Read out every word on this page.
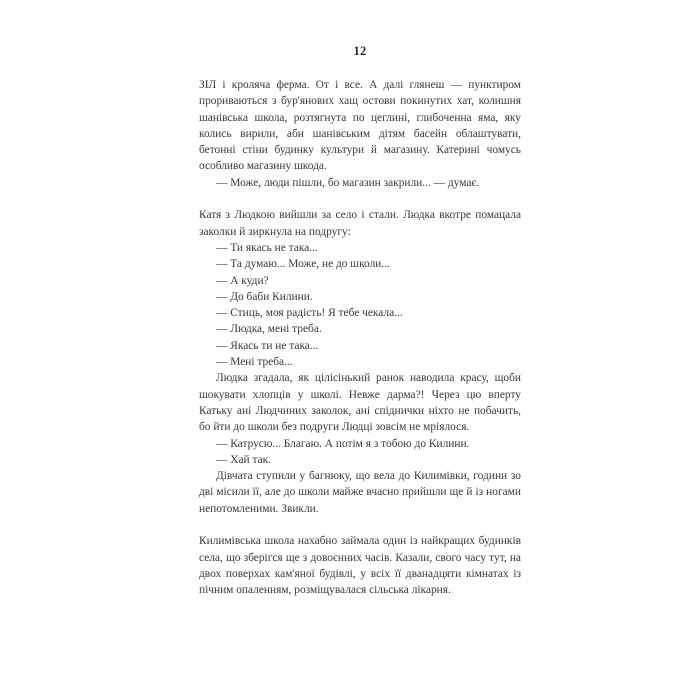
12

ЗІЛ і кроляча ферма. От і все. А далі глянеш — пунктиром прориваються з бур'янових хащ остови покинутих хат, колишня шанівська школа, розтягнута по цеглині, глибоченна яма, яку колись вирили, аби шанівським дітям басейн облаштувати, бетонні стіни будинку культури й магазину. Катерині чомусь особливо магазину шкода.

— Може, люди пішли, бо магазин закрили... — думає.

Катя з Людкою вийшли за село і стали. Людка вкотре помацала заколки й зиркнула на подругу:

— Ти якась не така...

— Та думаю... Може, не до школи...

— А куди?

— До баби Килини.

— Стиць, моя радість! Я тебе чекала...

— Людка, мені треба.

— Якась ти не така...

— Мені треба...

Людка згадала, як цілісінький ранок наводила красу, щоби шокувати хлопців у школі. Невже дарма?! Через цю вперту Катьку ані Людчиних заколок, ані спіднички ніхто не побачить, бо йти до школи без подруги Людці зовсім не мріялося.

— Катрусю... Благаю. А потім я з тобою до Килини.

— Хай так.

Дівчата ступили у багнюку, що вела до Килимівки, години зо дві місили її, але до школи майже вчасно прийшли ще й із ногами непотомленими. Звикли.

Килимівська школа нахабно займала один із найкращих будинків села, що зберігся ще з довоєнних часів. Казали, свого часу тут, на двох поверхах кам'яної будівлі, у всіх її дванадцяти кімнатах із пічним опаленням, розміщувалася сільська лікарня.
